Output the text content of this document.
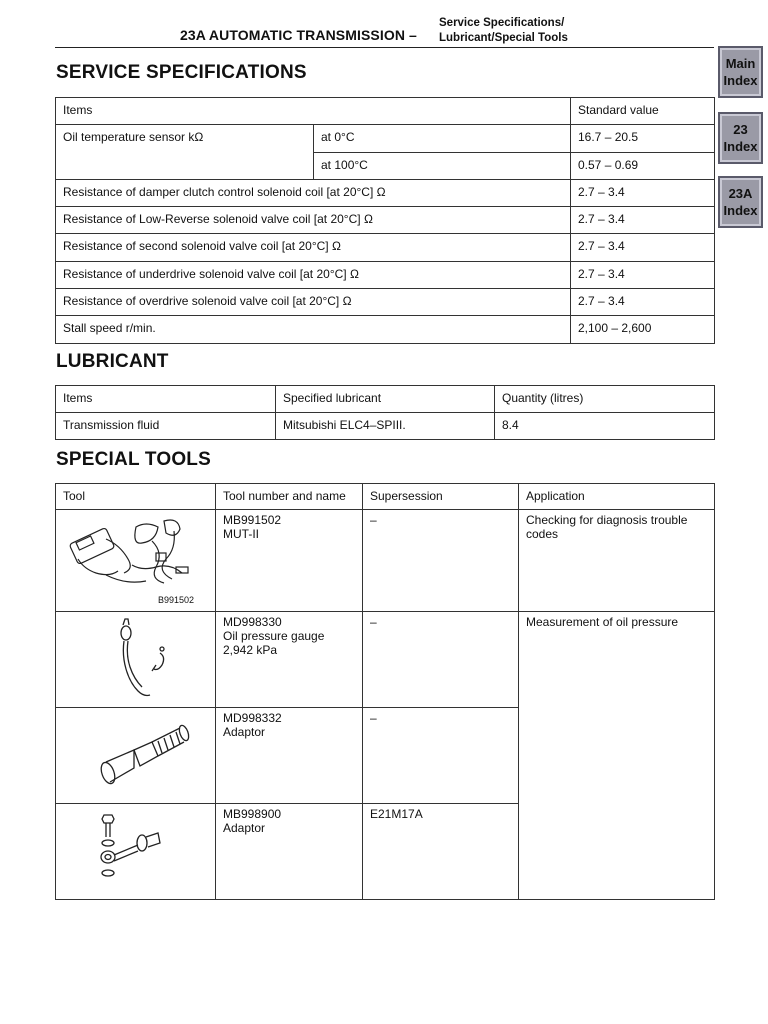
23A AUTOMATIC TRANSMISSION –
Service Specifications/
Lubricant/Special Tools
Main
Index
23
Index
23A
Index
SERVICE SPECIFICATIONS
Items		Standard value
Oil temperature sensor kΩ	at 0°C	16.7 – 20.5
	at 100°C	0.57 – 0.69
Resistance of damper clutch control solenoid coil [at 20°C] Ω		2.7 – 3.4
Resistance of Low-Reverse solenoid valve coil [at 20°C] Ω		2.7 – 3.4
Resistance of second solenoid valve coil [at 20°C] Ω		2.7 – 3.4
Resistance of underdrive solenoid valve coil [at 20°C] Ω		2.7 – 3.4
Resistance of overdrive solenoid valve coil [at 20°C] Ω		2.7 – 3.4
Stall speed r/min.		2,100 – 2,600
LUBRICANT
Items	Specified lubricant	Quantity (litres)
Transmission fluid	Mitsubishi ELC4–SPIII.	8.4
SPECIAL TOOLS
Tool	Tool number and name	Supersession	Application

B991502	MB991502
MUT-II	–	Checking for diagnosis trouble codes

MD998330
Oil pressure gauge
2,942 kPa	–	Measurement of oil pressure

MD998332
Adaptor	–	

MB998900
Adaptor	E21M17A	
